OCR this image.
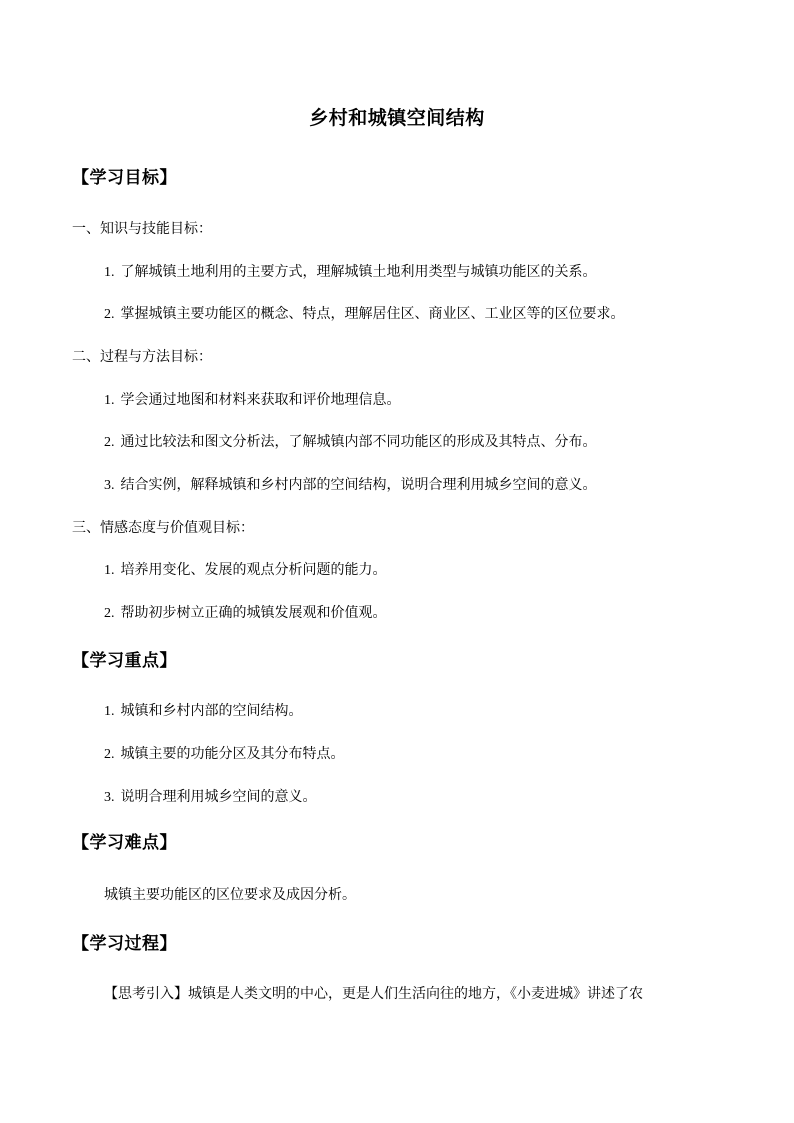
乡村和城镇空间结构
【学习目标】
一、知识与技能目标：
1. 了解城镇土地利用的主要方式，理解城镇土地利用类型与城镇功能区的关系。
2. 掌握城镇主要功能区的概念、特点，理解居住区、商业区、工业区等的区位要求。
二、过程与方法目标：
1. 学会通过地图和材料来获取和评价地理信息。
2. 通过比较法和图文分析法，了解城镇内部不同功能区的形成及其特点、分布。
3. 结合实例，解释城镇和乡村内部的空间结构，说明合理利用城乡空间的意义。
三、情感态度与价值观目标：
1. 培养用变化、发展的观点分析问题的能力。
2. 帮助初步树立正确的城镇发展观和价值观。
【学习重点】
1. 城镇和乡村内部的空间结构。
2. 城镇主要的功能分区及其分布特点。
3. 说明合理利用城乡空间的意义。
【学习难点】
城镇主要功能区的区位要求及成因分析。
【学习过程】
【思考引入】城镇是人类文明的中心，更是人们生活向往的地方，《小麦进城》讲述了农
